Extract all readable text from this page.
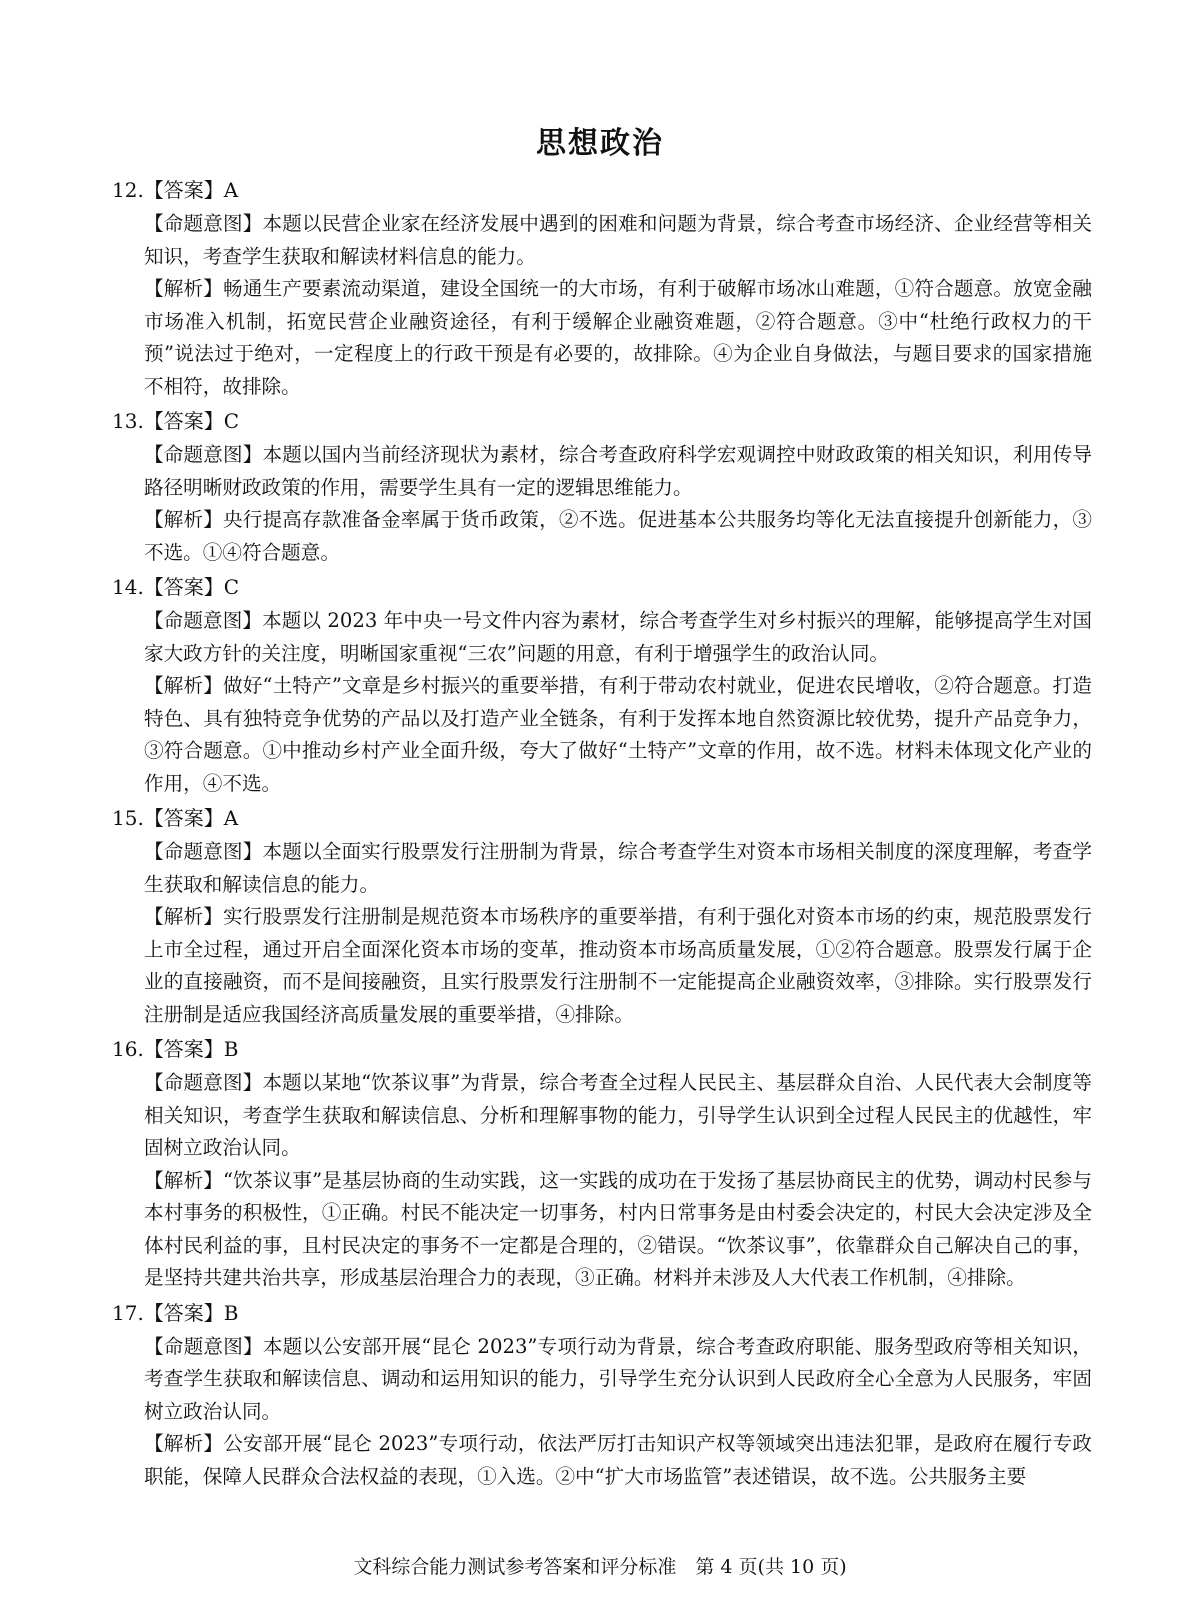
思想政治
12.【答案】A
【命题意图】本题以民营企业家在经济发展中遇到的困难和问题为背景，综合考查市场经济、企业经营等相关知识，考查学生获取和解读材料信息的能力。
【解析】畅通生产要素流动渠道，建设全国统一的大市场，有利于破解市场冰山难题，①符合题意。放宽金融市场准入机制，拓宽民营企业融资途径，有利于缓解企业融资难题，②符合题意。③中“杜绝行政权力的干预”说法过于绝对，一定程度上的行政干预是有必要的，故排除。④为企业自身做法，与题目要求的国家措施不相符，故排除。
13.【答案】C
【命题意图】本题以国内当前经济现状为素材，综合考查政府科学宏观调控中财政政策的相关知识，利用传导路径明晰财政政策的作用，需要学生具有一定的逻辑思维能力。
【解析】央行提高存款准备金率属于货币政策，②不选。促进基本公共服务均等化无法直接提升创新能力，③不选。①④符合题意。
14.【答案】C
【命题意图】本题以 2023 年中央一号文件内容为素材，综合考查学生对乡村振兴的理解，能够提高学生对国家大政方针的关注度，明晰国家重视“三农”问题的用意，有利于增强学生的政治认同。
【解析】做好“土特产”文章是乡村振兴的重要举措，有利于带动农村就业，促进农民增收，②符合题意。打造特色、具有独特竞争优势的产品以及打造产业全链条，有利于发挥本地自然资源比较优势，提升产品竞争力，③符合题意。①中推动乡村产业全面升级，夸大了做好“土特产”文章的作用，故不选。材料未体现文化产业的作用，④不选。
15.【答案】A
【命题意图】本题以全面实行股票发行注册制为背景，综合考查学生对资本市场相关制度的深度理解，考查学生获取和解读信息的能力。
【解析】实行股票发行注册制是规范资本市场秩序的重要举措，有利于强化对资本市场的约束，规范股票发行上市全过程，通过开启全面深化资本市场的变革，推动资本市场高质量发展，①②符合题意。股票发行属于企业的直接融资，而不是间接融资，且实行股票发行注册制不一定能提高企业融资效率，③排除。实行股票发行注册制是适应我国经济高质量发展的重要举措，④排除。
16.【答案】B
【命题意图】本题以某地“饮茶议事”为背景，综合考查全过程人民民主、基层群众自治、人民代表大会制度等相关知识，考查学生获取和解读信息、分析和理解事物的能力，引导学生认识到全过程人民民主的优越性，牢固树立政治认同。
【解析】“饮茶议事”是基层协商的生动实践，这一实践的成功在于发扬了基层协商民主的优势，调动村民参与本村事务的积极性，①正确。村民不能决定一切事务，村内日常事务是由村委会决定的，村民大会决定涉及全体村民利益的事，且村民决定的事务不一定都是合理的，②错误。“饮茶议事”，依靠群众自己解决自己的事，是坚持共建共治共享，形成基层治理合力的表现，③正确。材料并未涉及人大代表工作机制，④排除。
17.【答案】B
【命题意图】本题以公安部开展“昆仑 2023”专项行动为背景，综合考查政府职能、服务型政府等相关知识，考查学生获取和解读信息、调动和运用知识的能力，引导学生充分认识到人民政府全心全意为人民服务，牢固树立政治认同。
【解析】公安部开展“昆仑 2023”专项行动，依法严厉打击知识产权等领域突出违法犯罪，是政府在履行专政职能，保障人民群众合法权益的表现，①入选。②中“扩大市场监管”表述错误，故不选。公共服务主要
文科综合能力测试参考答案和评分标准　第 4 页(共 10 页)
